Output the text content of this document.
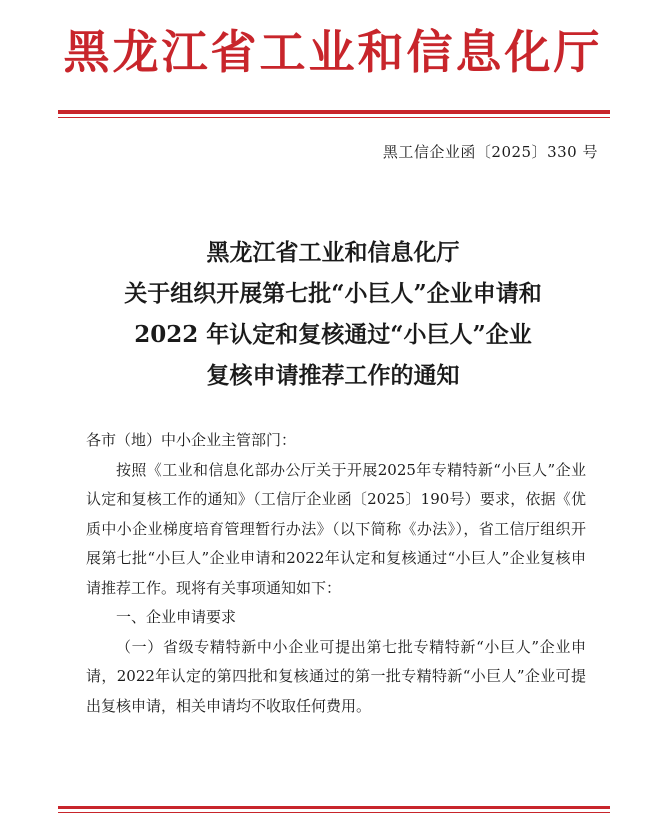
黑龙江省工业和信息化厅
黑工信企业函〔2025〕330 号
黑龙江省工业和信息化厅
关于组织开展第七批“小巨人”企业申请和
2022 年认定和复核通过“小巨人”企业
复核申请推荐工作的通知

各市（地）中小企业主管部门：

按照《工业和信息化部办公厅关于开展2025年专精特新“小巨人”企业认定和复核工作的通知》（工信厅企业函〔2025〕190号）要求，依据《优质中小企业梯度培育管理暂行办法》（以下简称《办法》），省工信厅组织开展第七批“小巨人”企业申请和2022年认定和复核通过“小巨人”企业复核申请推荐工作。现将有关事项通知如下：

一、企业申请要求

（一）省级专精特新中小企业可提出第七批专精特新“小巨人”企业申请，2022年认定的第四批和复核通过的第一批专精特新“小巨人”企业可提出复核申请，相关申请均不收取任何费用。
